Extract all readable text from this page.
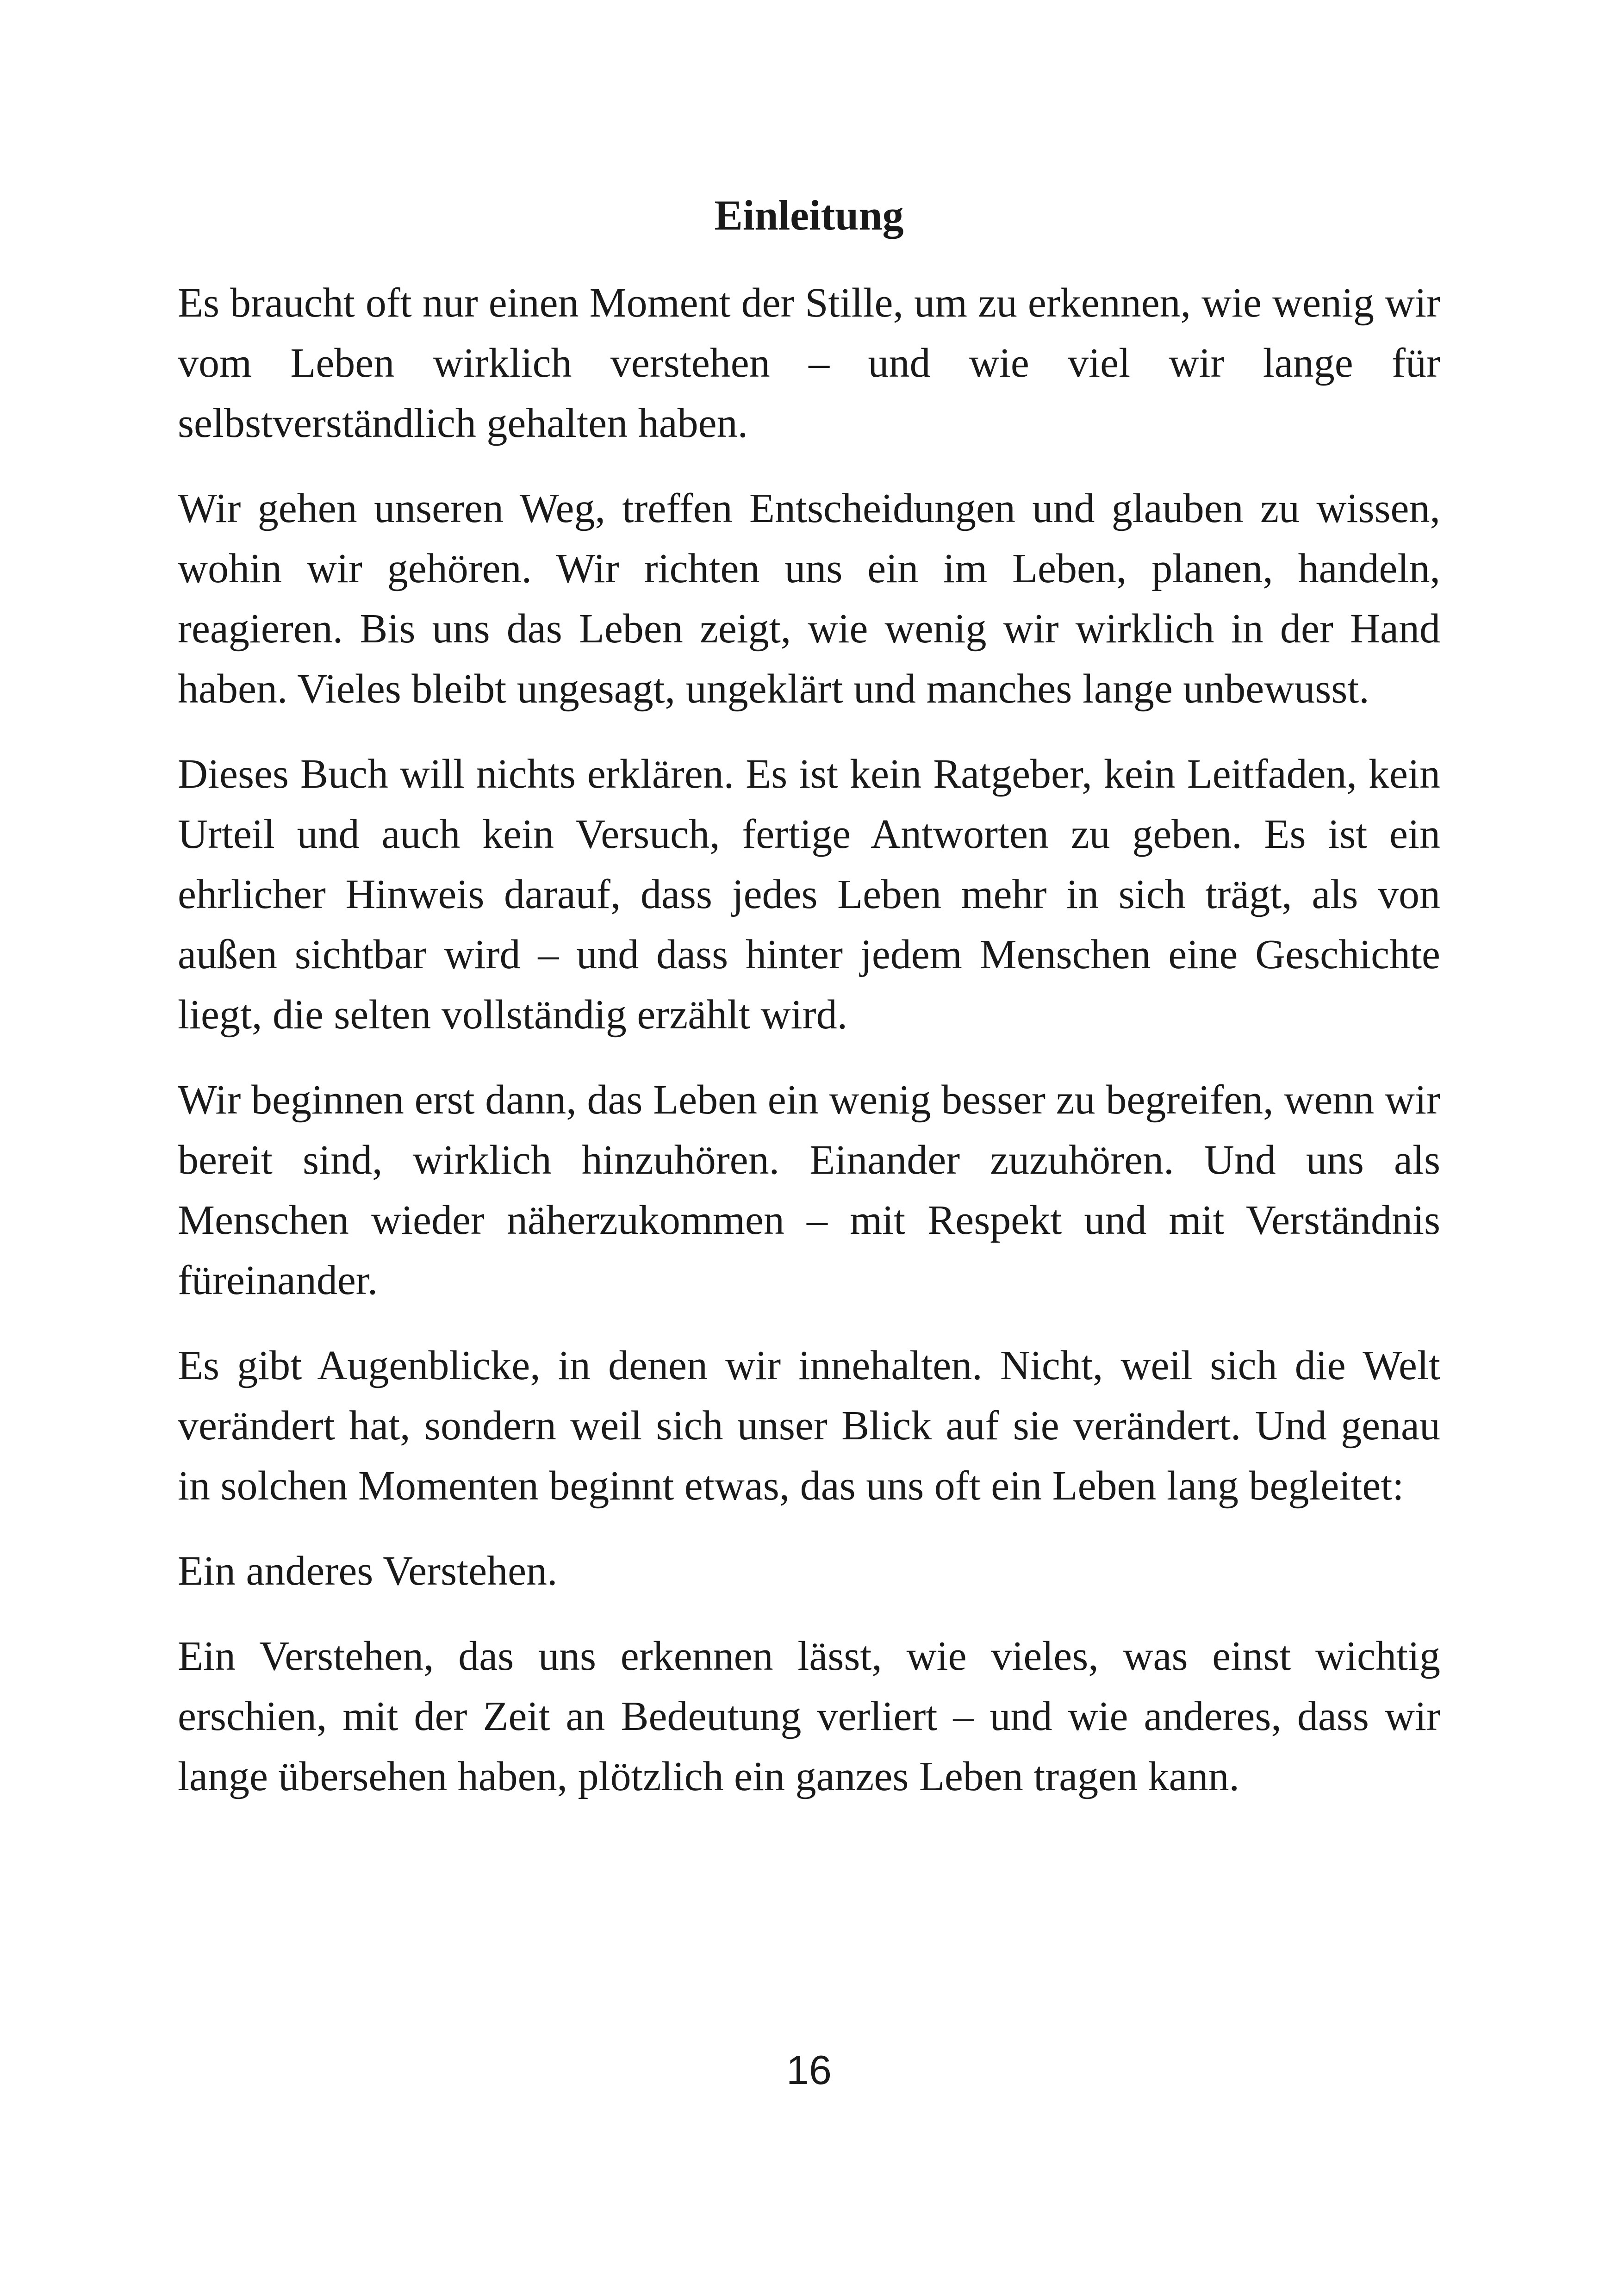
Einleitung

Es braucht oft nur einen Moment der Stille, um zu erkennen, wie wenig wir vom Leben wirklich verstehen – und wie viel wir lange für selbstverständlich gehalten haben.

Wir gehen unseren Weg, treffen Entscheidungen und glauben zu wissen, wohin wir gehören. Wir richten uns ein im Leben, planen, handeln, reagieren. Bis uns das Leben zeigt, wie wenig wir wirklich in der Hand haben. Vieles bleibt ungesagt, ungeklärt und manches lange unbewusst.

Dieses Buch will nichts erklären. Es ist kein Ratgeber, kein Leitfaden, kein Urteil und auch kein Versuch, fertige Antworten zu geben. Es ist ein ehrlicher Hinweis darauf, dass jedes Leben mehr in sich trägt, als von außen sichtbar wird – und dass hinter jedem Menschen eine Geschichte liegt, die selten vollständig erzählt wird.

Wir beginnen erst dann, das Leben ein wenig besser zu begreifen, wenn wir bereit sind, wirklich hinzuhören. Einander zuzuhören. Und uns als Menschen wieder näherzukommen – mit Respekt und mit Verständnis füreinander.

Es gibt Augenblicke, in denen wir innehalten. Nicht, weil sich die Welt verändert hat, sondern weil sich unser Blick auf sie verändert. Und genau in solchen Momenten beginnt etwas, das uns oft ein Leben lang begleitet:

Ein anderes Verstehen.

Ein Verstehen, das uns erkennen lässt, wie vieles, was einst wichtig erschien, mit der Zeit an Bedeutung verliert – und wie anderes, dass wir lange übersehen haben, plötzlich ein ganzes Leben tragen kann.

16
